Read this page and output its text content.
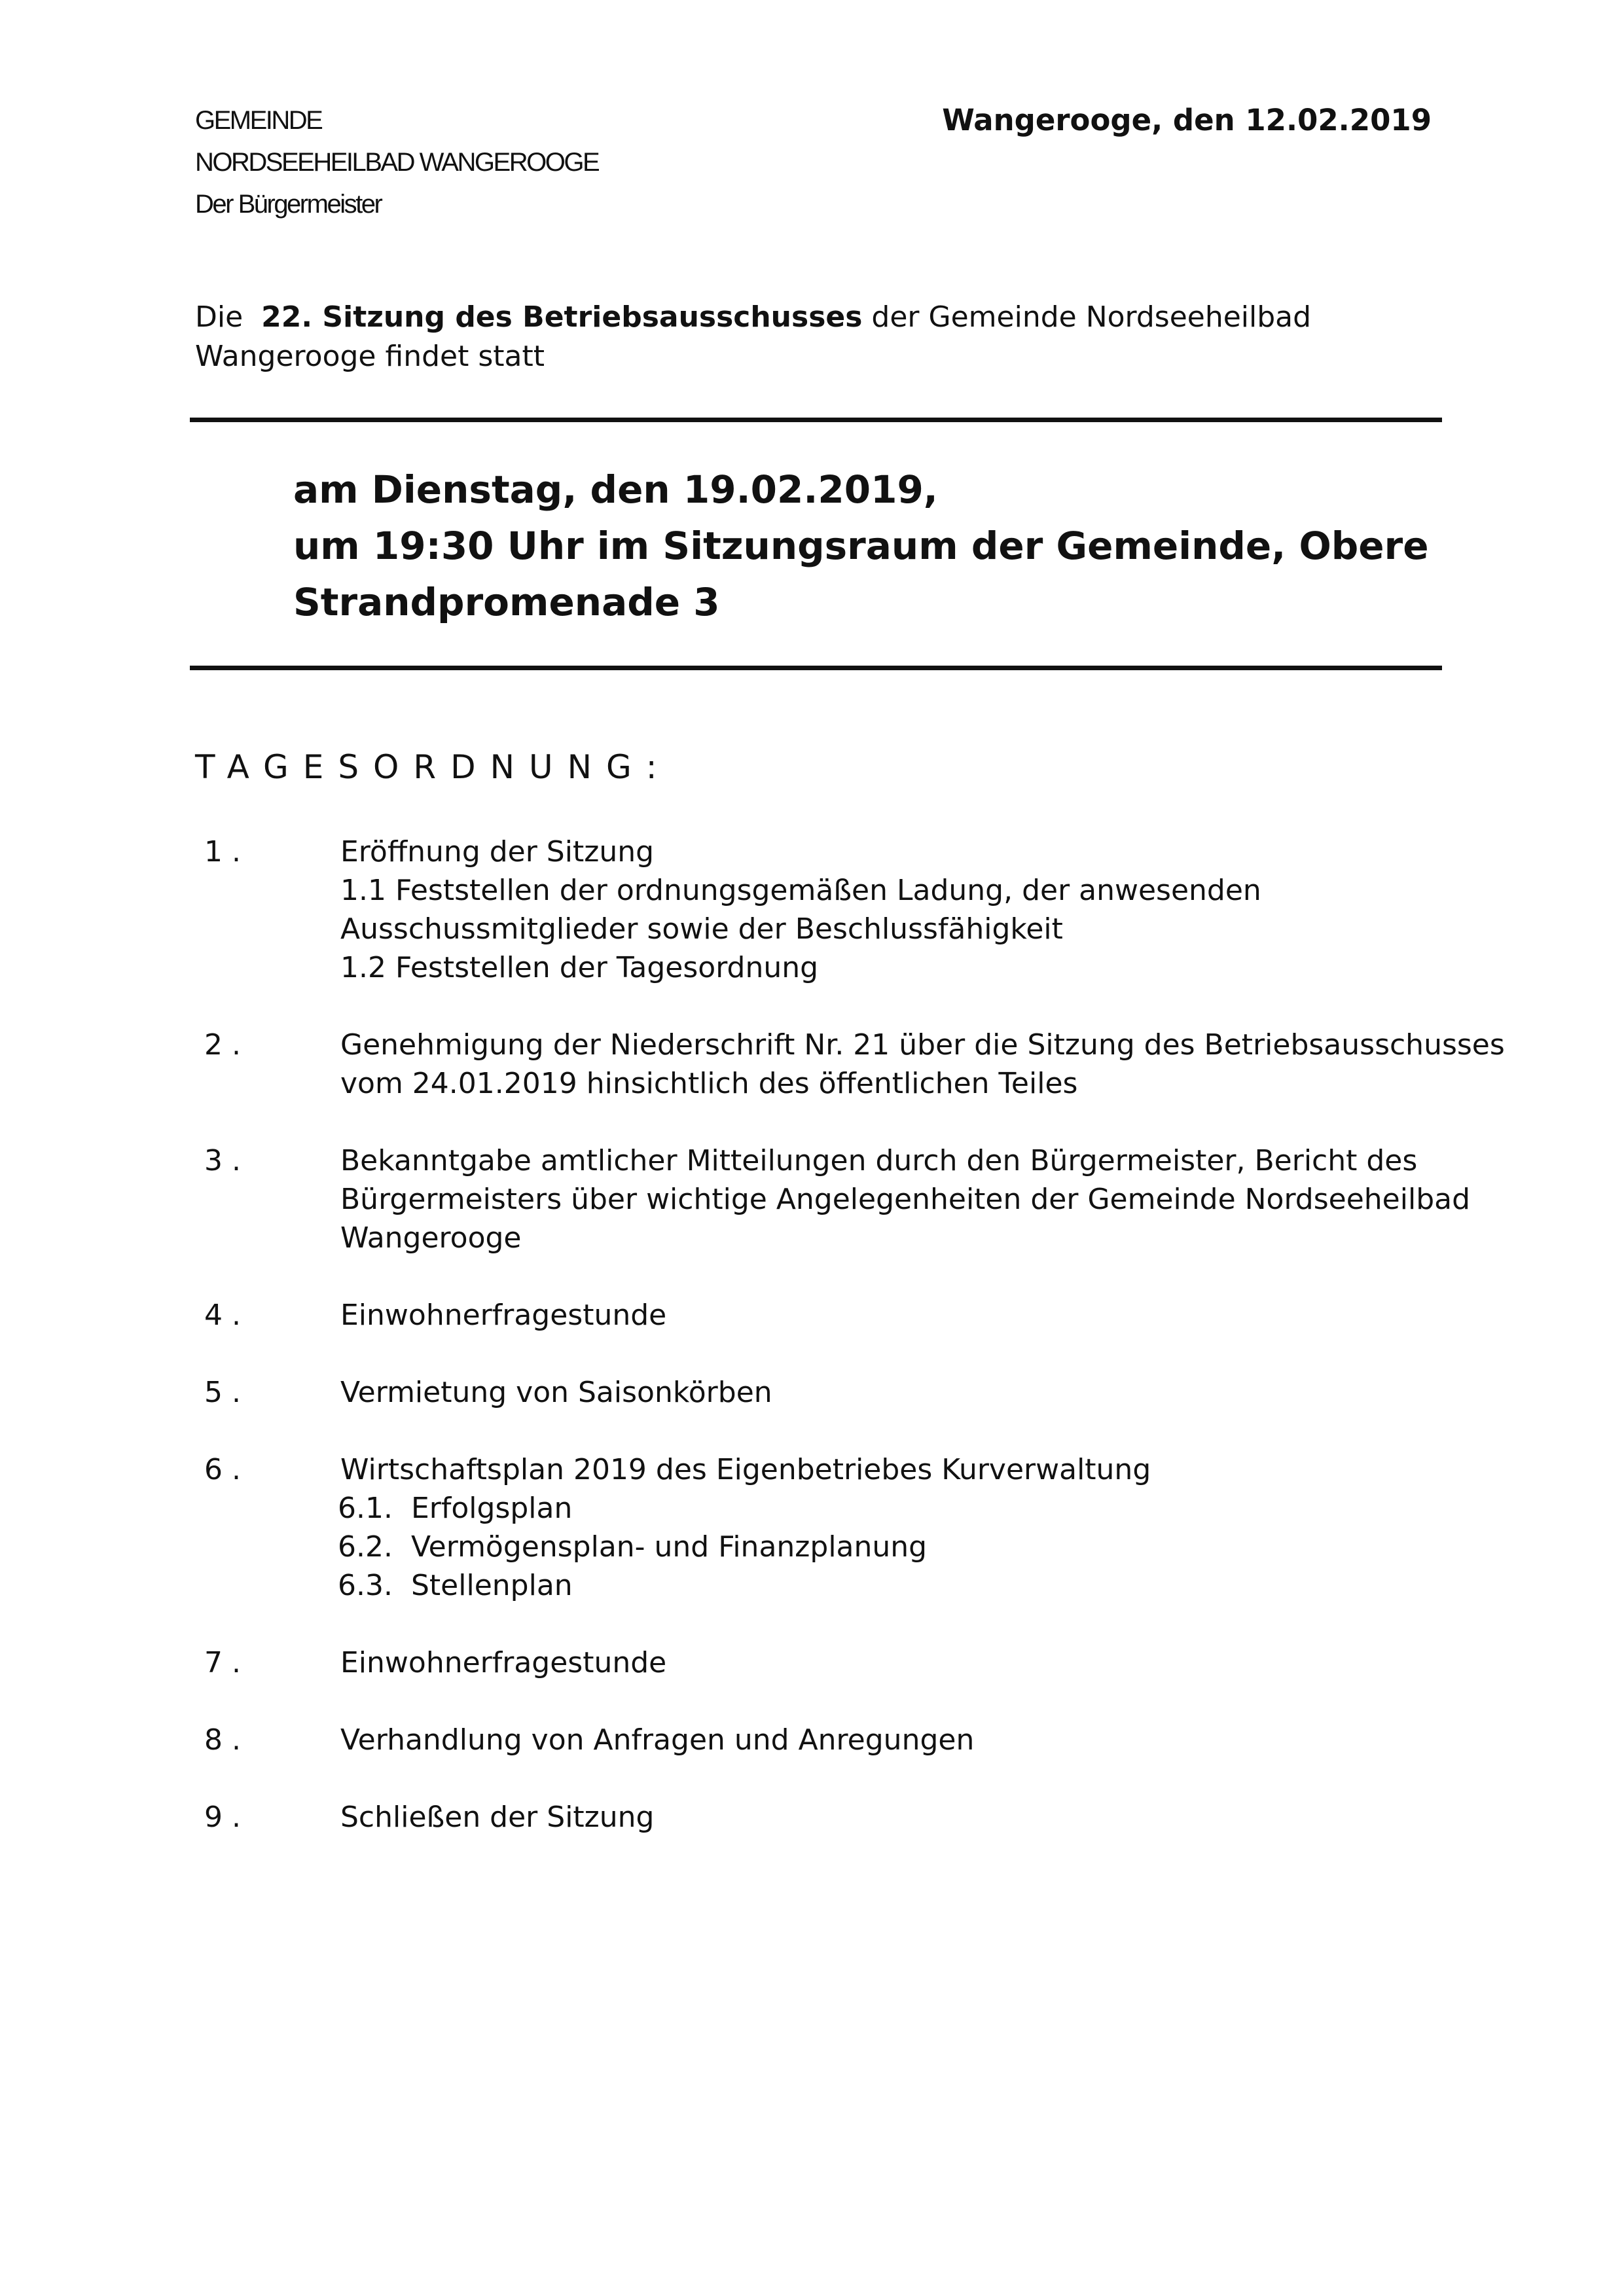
GEMEINDE
NORDSEEHEILBAD WANGEROOGE
Der Bürgermeister
Wangerooge, den 12.02.2019
Die 22. Sitzung des Betriebsausschusses der Gemeinde Nordseeheilbad Wangerooge findet statt
am Dienstag, den 19.02.2019,
um 19:30 Uhr im Sitzungsraum der Gemeinde, Obere
Strandpromenade 3
TAGESORDNUNG:
1 .	Eröffnung der Sitzung
1.1 Feststellen der ordnungsgemäßen Ladung, der anwesenden
Ausschussmitglieder sowie der Beschlussfähigkeit
1.2 Feststellen der Tagesordnung
2 .	Genehmigung der Niederschrift Nr. 21 über die Sitzung des Betriebsausschusses
vom 24.01.2019 hinsichtlich des öffentlichen Teiles
3 .	Bekanntgabe amtlicher Mitteilungen durch den Bürgermeister, Bericht des
Bürgermeisters über wichtige Angelegenheiten der Gemeinde Nordseeheilbad
Wangerooge
4 .	Einwohnerfragestunde
5 .	Vermietung von Saisonkörben
6 .	Wirtschaftsplan 2019 des Eigenbetriebes Kurverwaltung
6.1. Erfolgsplan
6.2. Vermögensplan- und Finanzplanung
6.3. Stellenplan
7 .	Einwohnerfragestunde
8 .	Verhandlung von Anfragen und Anregungen
9 .	Schließen der Sitzung
